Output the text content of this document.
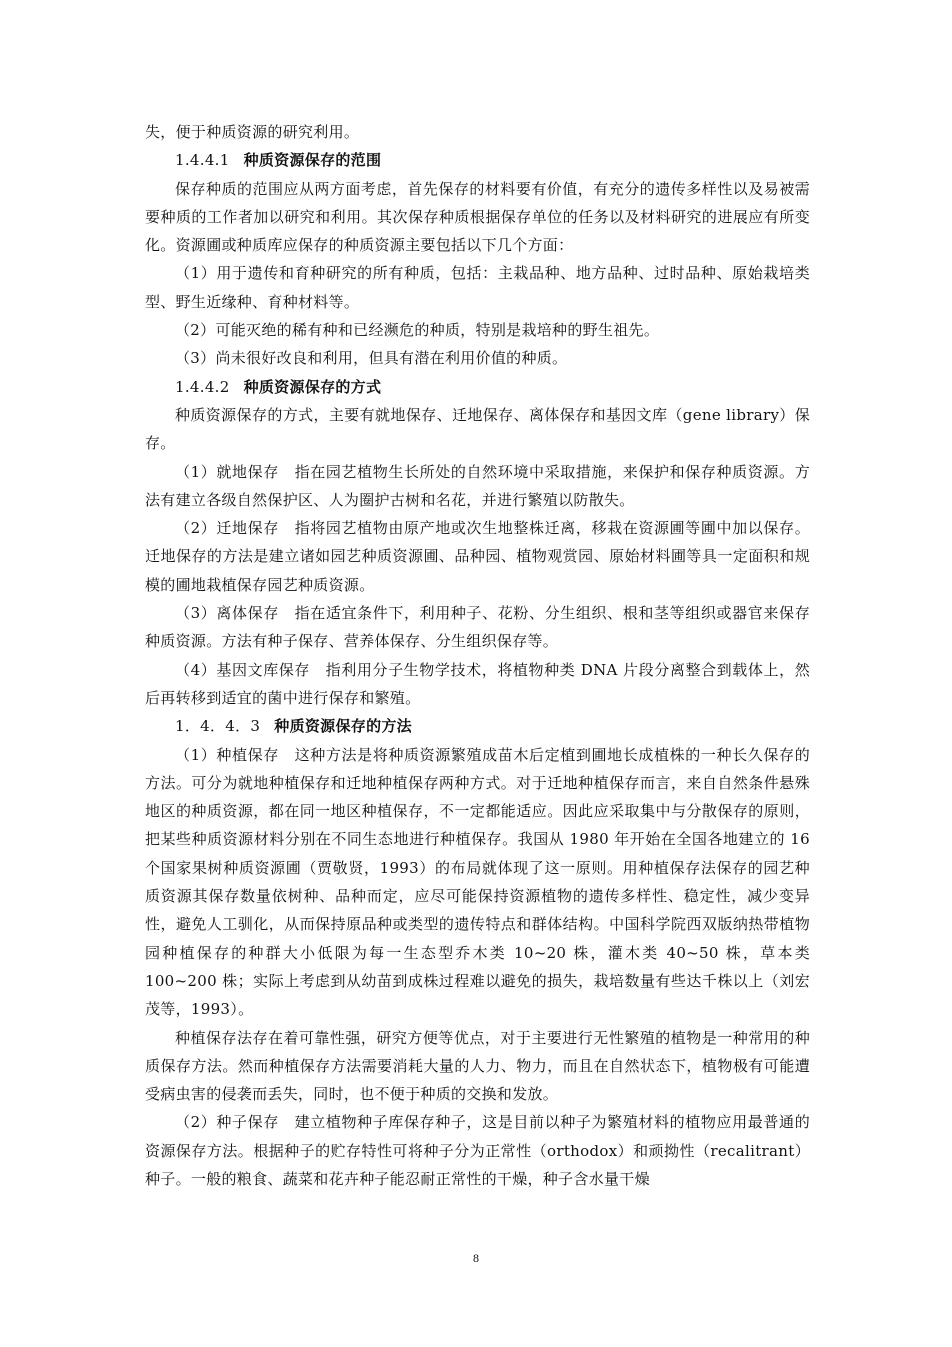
失，便于种质资源的研究利用。

1.4.4.1 种质资源保存的范围

保存种质的范围应从两方面考虑，首先保存的材料要有价值，有充分的遗传多样性以及易被需要种质的工作者加以研究和利用。其次保存种质根据保存单位的任务以及材料研究的进展应有所变化。资源圃或种质库应保存的种质资源主要包括以下几个方面：

（1）用于遗传和育种研究的所有种质，包括：主栽品种、地方品种、过时品种、原始栽培类型、野生近缘种、育种材料等。

（2）可能灭绝的稀有种和已经濒危的种质，特别是栽培种的野生祖先。

（3）尚未很好改良和利用，但具有潜在利用价值的种质。

1.4.4.2 种质资源保存的方式

种质资源保存的方式，主要有就地保存、迁地保存、离体保存和基因文库（gene library）保存。

（1）就地保存　指在园艺植物生长所处的自然环境中采取措施，来保护和保存种质资源。方法有建立各级自然保护区、人为圈护古树和名花，并进行繁殖以防散失。

（2）迁地保存　指将园艺植物由原产地或次生地整株迁离，移栽在资源圃等圃中加以保存。迁地保存的方法是建立诸如园艺种质资源圃、品种园、植物观赏园、原始材料圃等具一定面积和规模的圃地栽植保存园艺种质资源。

（3）离体保存　指在适宜条件下，利用种子、花粉、分生组织、根和茎等组织或器官来保存种质资源。方法有种子保存、营养体保存、分生组织保存等。

（4）基因文库保存　指利用分子生物学技术，将植物种类 DNA 片段分离整合到载体上，然后再转移到适宜的菌中进行保存和繁殖。

1．4．4．3 种质资源保存的方法

（1）种植保存　这种方法是将种质资源繁殖成苗木后定植到圃地长成植株的一种长久保存的方法。可分为就地种植保存和迁地种植保存两种方式。对于迁地种植保存而言，来自自然条件悬殊地区的种质资源，都在同一地区种植保存，不一定都能适应。因此应采取集中与分散保存的原则，把某些种质资源材料分别在不同生态地进行种植保存。我国从 1980 年开始在全国各地建立的 16 个国家果树种质资源圃（贾敬贤，1993）的布局就体现了这一原则。用种植保存法保存的园艺种质资源其保存数量依树种、品种而定，应尽可能保持资源植物的遗传多样性、稳定性，减少变异性，避免人工驯化，从而保持原品种或类型的遗传特点和群体结构。中国科学院西双版纳热带植物园种植保存的种群大小低限为每一生态型乔木类 10~20 株，灌木类 40~50 株，草本类 100~200 株；实际上考虑到从幼苗到成株过程难以避免的损失，栽培数量有些达千株以上（刘宏茂等，1993）。

种植保存法存在着可靠性强，研究方便等优点，对于主要进行无性繁殖的植物是一种常用的种质保存方法。然而种植保存方法需要消耗大量的人力、物力，而且在自然状态下，植物极有可能遭受病虫害的侵袭而丢失，同时，也不便于种质的交换和发放。

（2）种子保存　建立植物种子库保存种子，这是目前以种子为繁殖材料的植物应用最普通的资源保存方法。根据种子的贮存特性可将种子分为正常性（orthodox）和顽拗性（recalitrant）种子。一般的粮食、蔬菜和花卉种子能忍耐正常性的干燥，种子含水量干燥

8
